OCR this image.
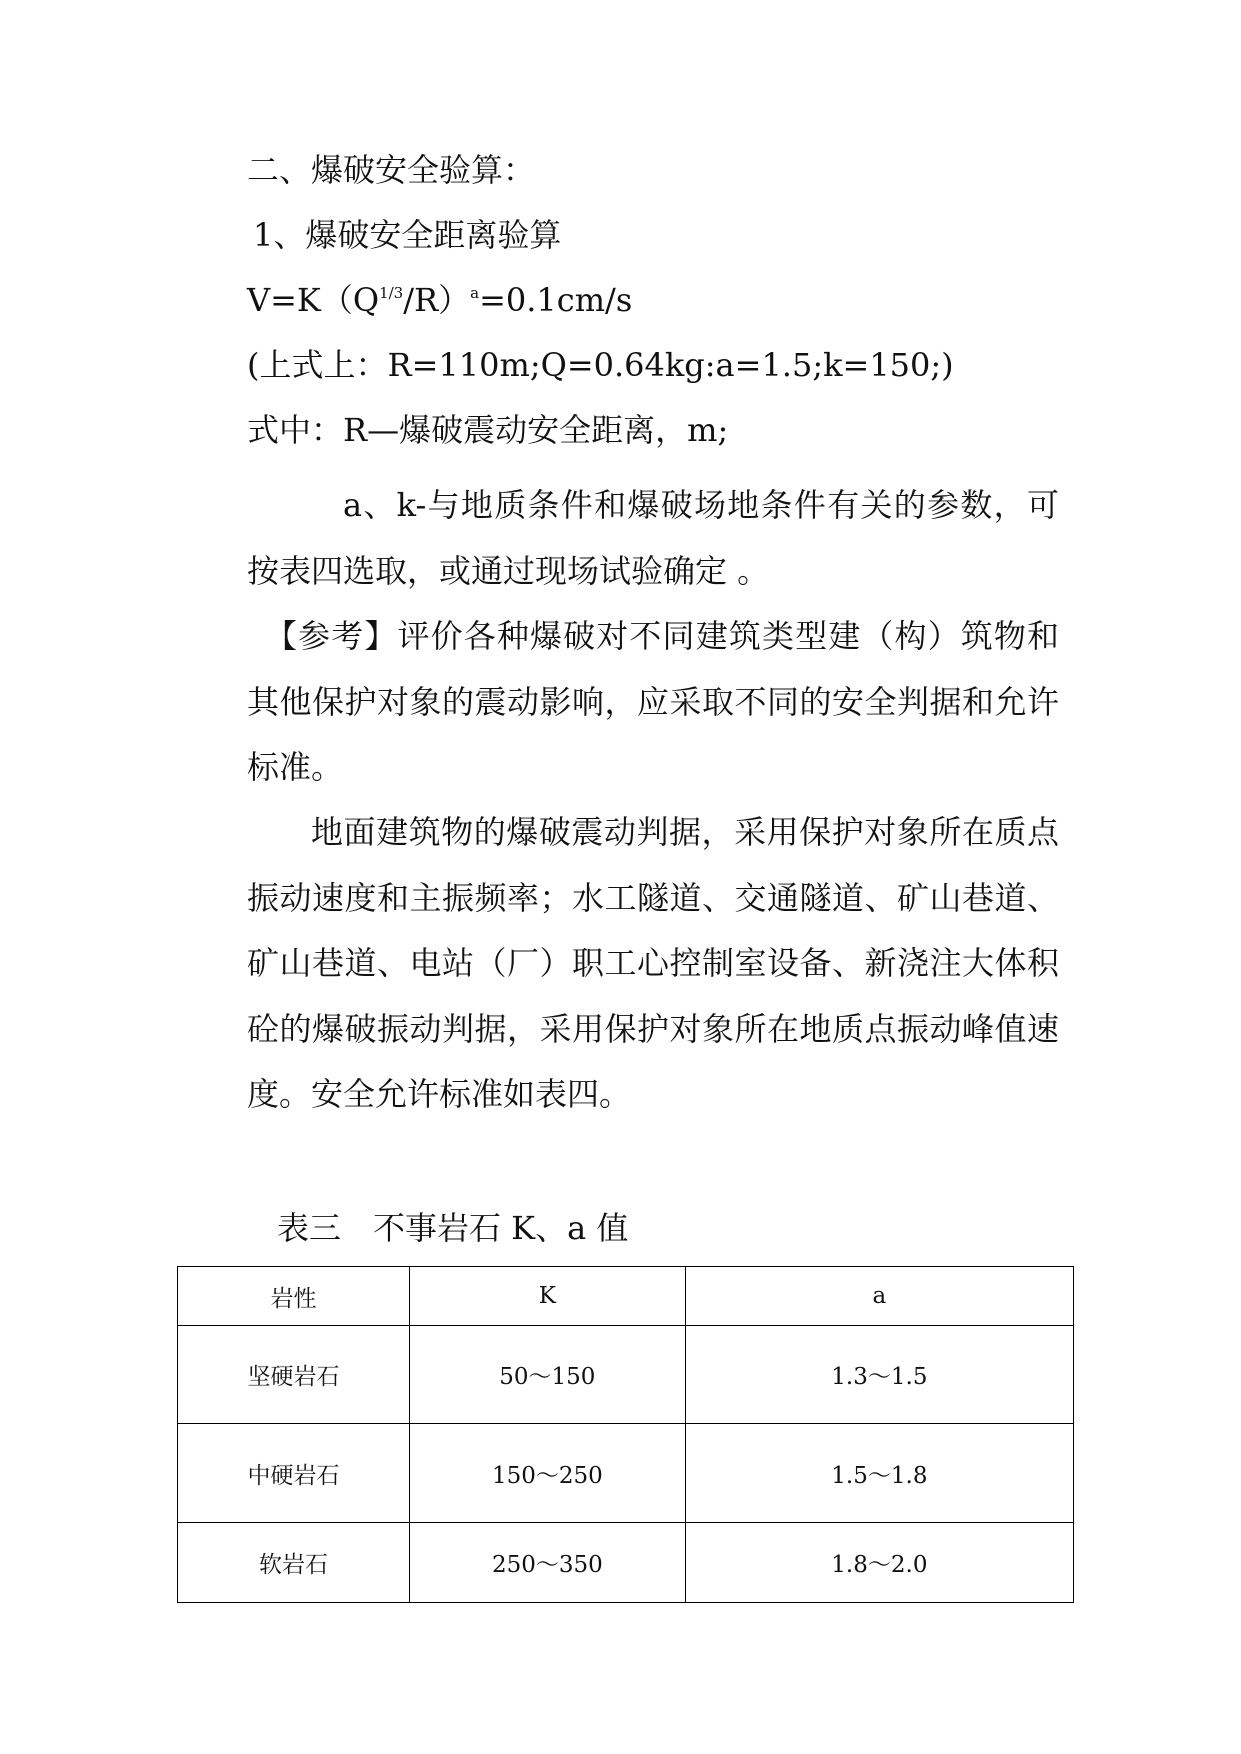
二、爆破安全验算：
1、爆破安全距离验算
$V=K(Q^{1/3}/R)^a=0.1cm/s$
(上式上：R=110m;Q=0.64kg:a=1.5;k=150;)
式中：R—爆破震动安全距离，m;
a、k-与地质条件和爆破场地条件有关的参数，可按表四选取，或通过现场试验确定 。
【参考】评价各种爆破对不同建筑类型建（构）筑物和其他保护对象的震动影响，应采取不同的安全判据和允许标准。
地面建筑物的爆破震动判据，采用保护对象所在质点振动速度和主振频率；水工隧道、交通隧道、矿山巷道、矿山巷道、电站（厂）职工心控制室设备、新浇注大体积砼的爆破振动判据，采用保护对象所在地质点振动峰值速度。安全允许标准如表四。
表三　不事岩石 K、a 值
岩性	K	a
坚硬岩石	50～150	1.3～1.5
中硬岩石	150～250	1.5～1.8
软岩石	250～350	1.8～2.0
